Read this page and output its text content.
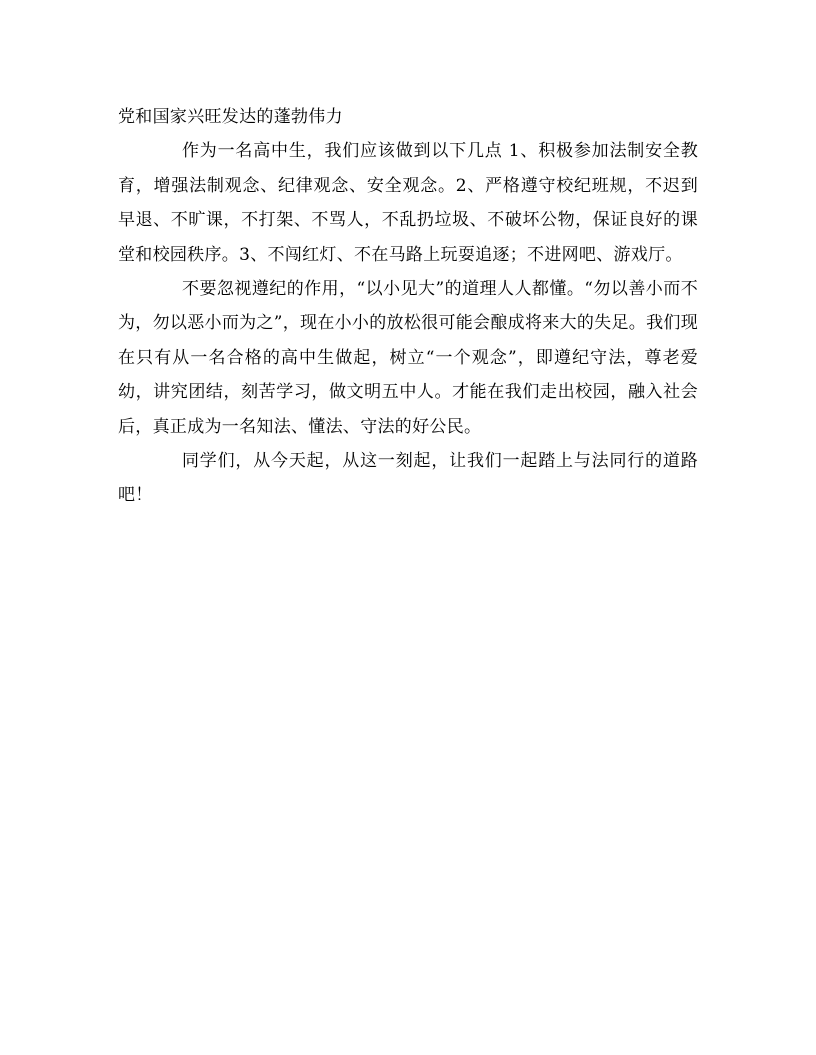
党和国家兴旺发达的蓬勃伟力

作为一名高中生，我们应该做到以下几点 1、积极参加法制安全教育，增强法制观念、纪律观念、安全观念。2、严格遵守校纪班规，不迟到早退、不旷课，不打架、不骂人，不乱扔垃圾、不破坏公物，保证良好的课堂和校园秩序。3、不闯红灯、不在马路上玩耍追逐；不进网吧、游戏厅。

不要忽视遵纪的作用，“以小见大”的道理人人都懂。“勿以善小而不为，勿以恶小而为之”，现在小小的放松很可能会酿成将来大的失足。我们现在只有从一名合格的高中生做起，树立“一个观念”，即遵纪守法，尊老爱幼，讲究团结，刻苦学习，做文明五中人。才能在我们走出校园，融入社会后，真正成为一名知法、懂法、守法的好公民。

同学们，从今天起，从这一刻起，让我们一起踏上与法同行的道路吧！
